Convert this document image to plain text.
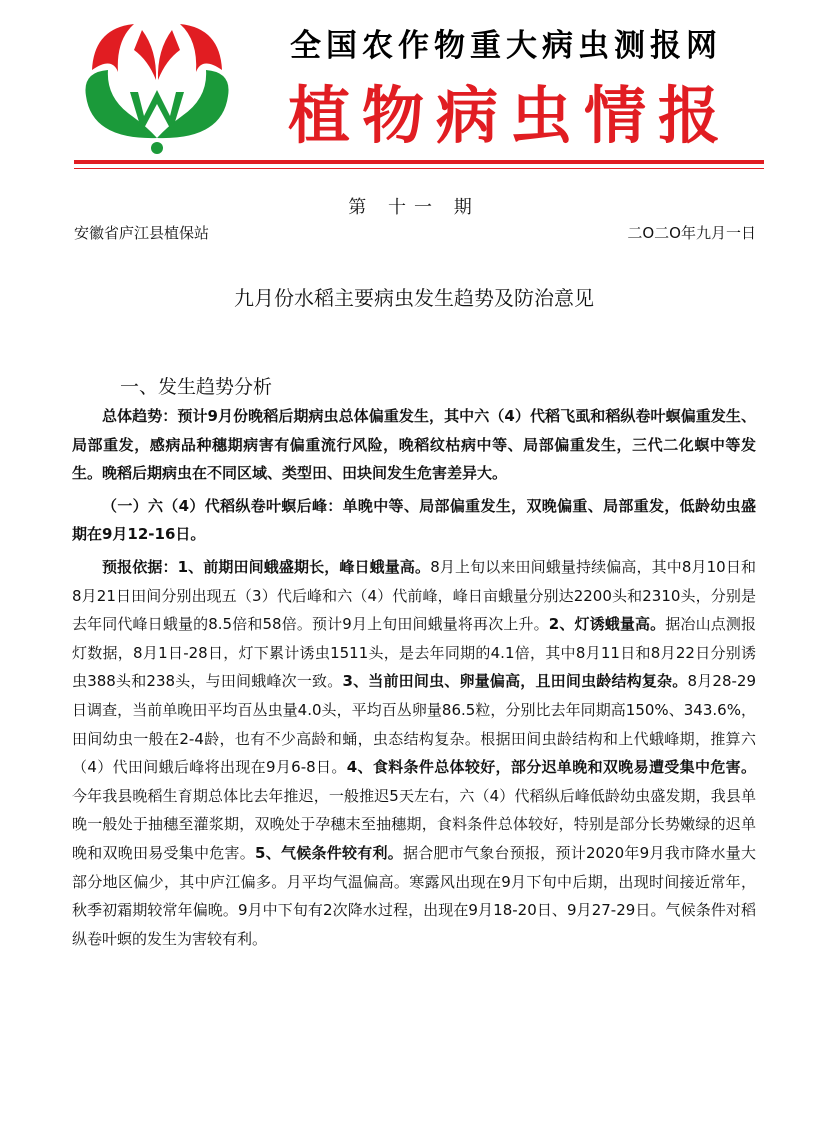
全国农作物重大病虫测报网
植物病虫情报
第 十一 期
安徽省庐江县植保站	二O二O年九月一日
九月份水稻主要病虫发生趋势及防治意见
一、发生趋势分析

总体趋势：预计9月份晚稻后期病虫总体偏重发生，其中六（4）代稻飞虱和稻纵卷叶螟偏重发生、局部重发，感病品种穗期病害有偏重流行风险，晚稻纹枯病中等、局部偏重发生，三代二化螟中等发生。晚稻后期病虫在不同区域、类型田、田块间发生危害差异大。

（一）六（4）代稻纵卷叶螟后峰：单晚中等、局部偏重发生，双晚偏重、局部重发，低龄幼虫盛期在9月12-16日。

预报依据：1、前期田间蛾盛期长，峰日蛾量高。8月上旬以来田间蛾量持续偏高，其中8月10日和8月21日田间分别出现五（3）代后峰和六（4）代前峰，峰日亩蛾量分别达2200头和2310头，分别是去年同代峰日蛾量的8.5倍和58倍。预计9月上旬田间蛾量将再次上升。2、灯诱蛾量高。据冶山点测报灯数据，8月1日-28日，灯下累计诱虫1511头，是去年同期的4.1倍，其中8月11日和8月22日分别诱虫388头和238头，与田间蛾峰次一致。3、当前田间虫、卵量偏高，且田间虫龄结构复杂。8月28-29日调查，当前单晚田平均百丛虫量4.0头，平均百丛卵量86.5粒，分别比去年同期高150%、343.6%，田间幼虫一般在2-4龄，也有不少高龄和蛹，虫态结构复杂。根据田间虫龄结构和上代蛾峰期，推算六（4）代田间蛾后峰将出现在9月6-8日。4、食料条件总体较好，部分迟单晚和双晚易遭受集中危害。今年我县晚稻生育期总体比去年推迟，一般推迟5天左右，六（4）代稻纵后峰低龄幼虫盛发期，我县单晚一般处于抽穗至灌浆期，双晚处于孕穗末至抽穗期，食料条件总体较好，特别是部分长势嫩绿的迟单晚和双晚田易受集中危害。5、气候条件较有利。据合肥市气象台预报，预计2020年9月我市降水量大部分地区偏少，其中庐江偏多。月平均气温偏高。寒露风出现在9月下旬中后期，出现时间接近常年，秋季初霜期较常年偏晚。9月中下旬有2次降水过程，出现在9月18-20日、9月27-29日。气候条件对稻纵卷叶螟的发生为害较有利。
